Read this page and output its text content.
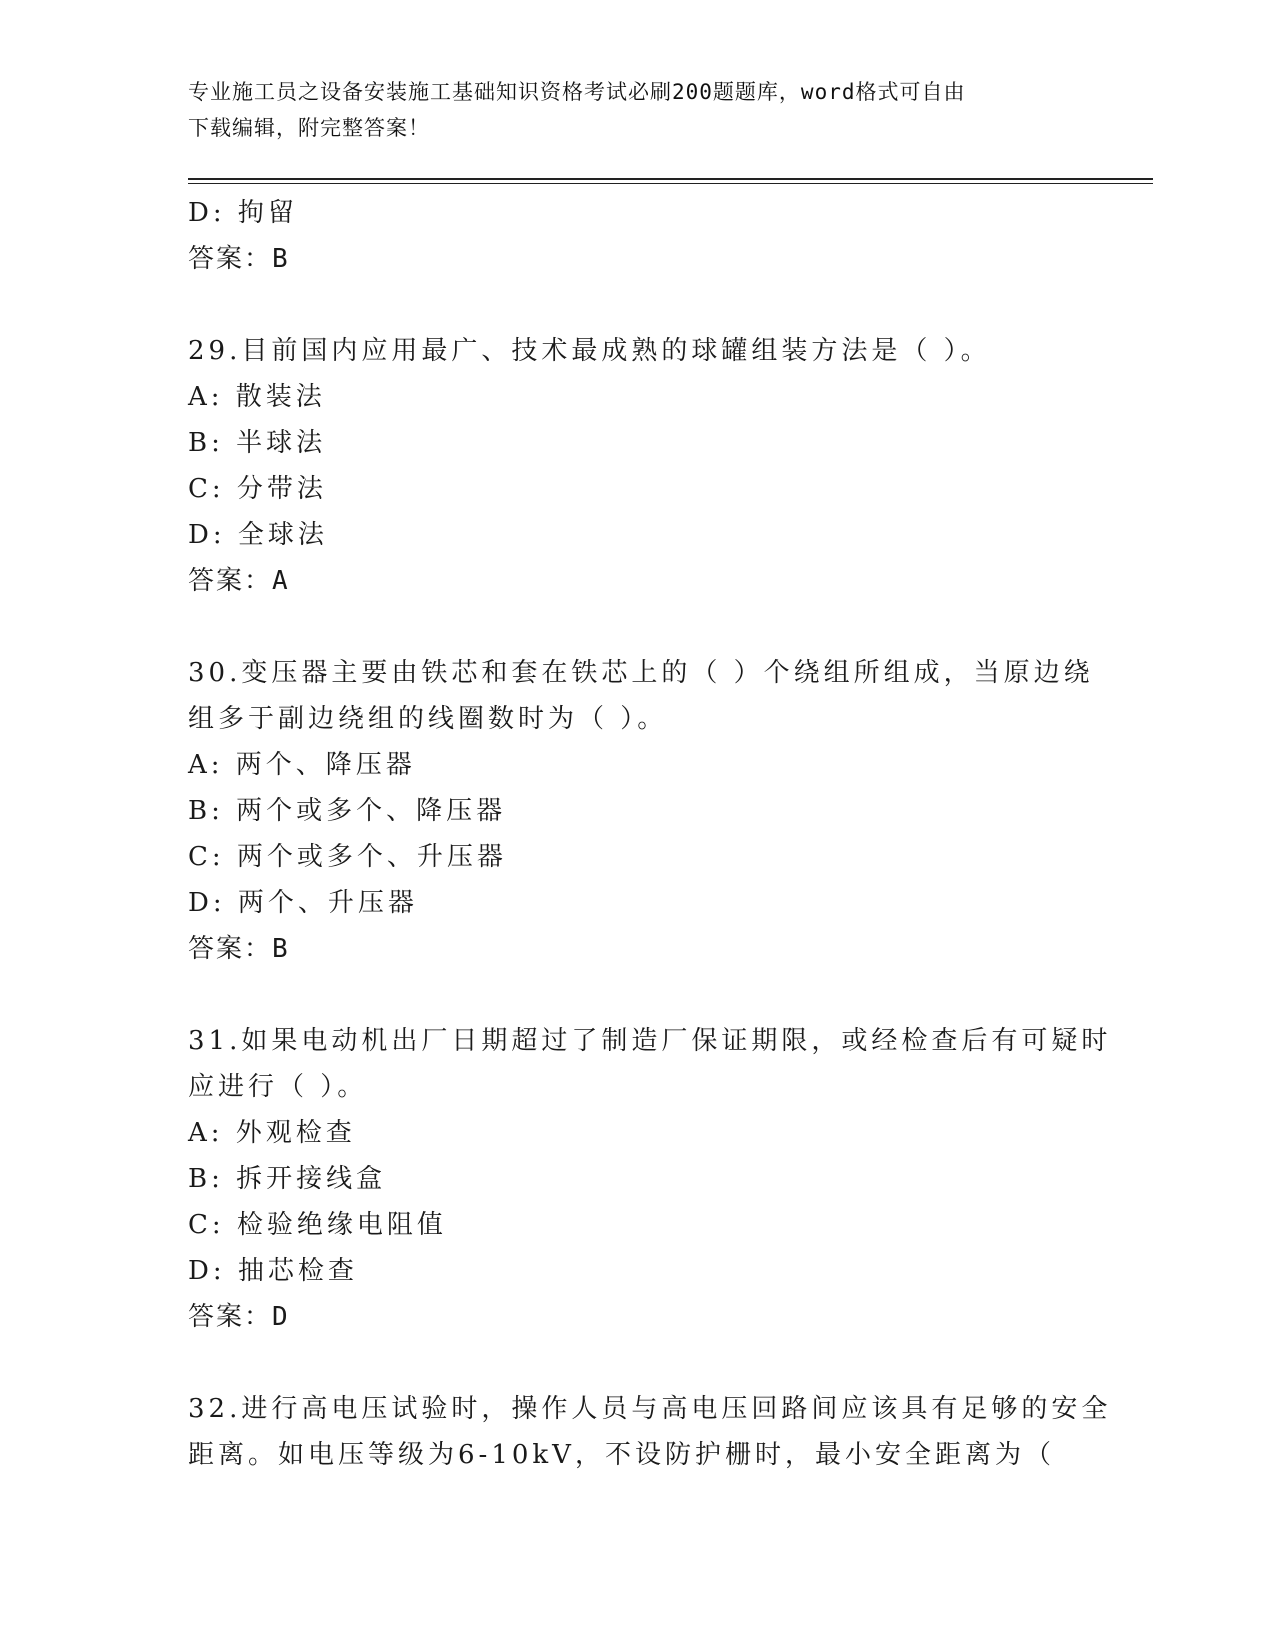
专业施工员之设备安装施工基础知识资格考试必刷200题题库，word格式可自由
下载编辑，附完整答案！

D: 拘留

答案：B

29.目前国内应用最广、技术最成熟的球罐组装方法是（ ）。

A: 散装法

B: 半球法

C: 分带法

D: 全球法

答案：A

30.变压器主要由铁芯和套在铁芯上的（ ）个绕组所组成，当原边绕

组多于副边绕组的线圈数时为（ ）。

A: 两个、降压器

B: 两个或多个、降压器

C: 两个或多个、升压器

D: 两个、升压器

答案：B

31.如果电动机出厂日期超过了制造厂保证期限，或经检查后有可疑时

应进行（ ）。

A: 外观检查

B: 拆开接线盒

C: 检验绝缘电阻值

D: 抽芯检查

答案：D

32.进行高电压试验时，操作人员与高电压回路间应该具有足够的安全

距离。如电压等级为6-10kV，不设防护栅时，最小安全距离为（
